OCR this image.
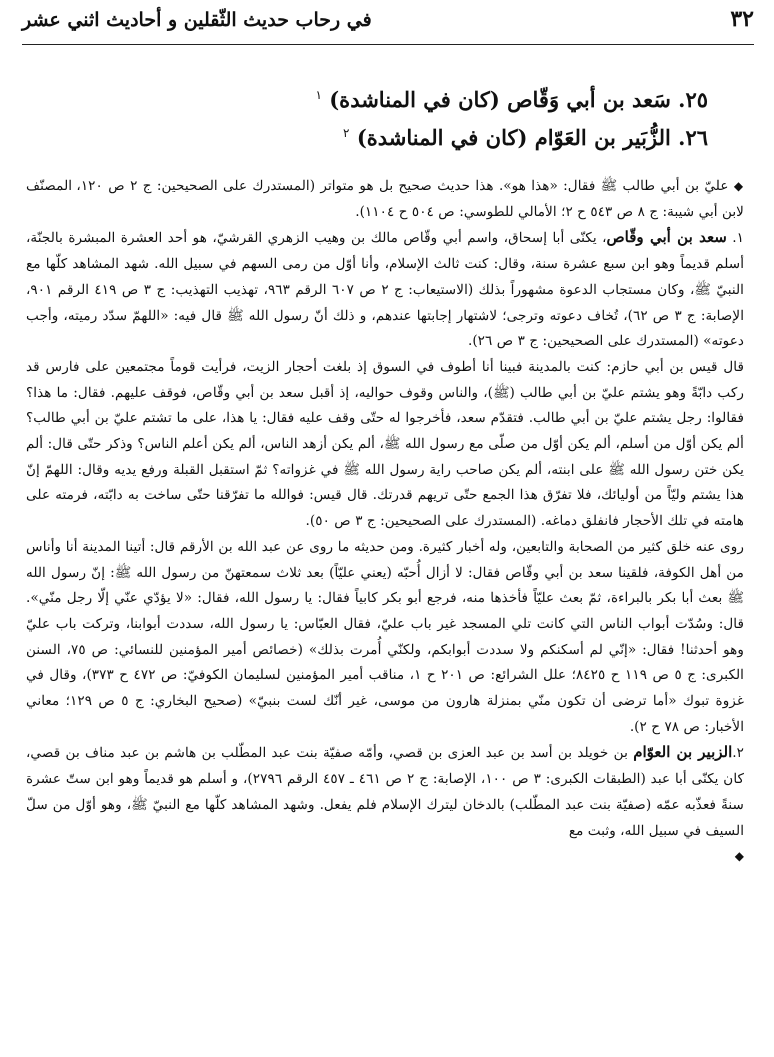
٣٢
في رحاب حديث الثّقلين و أحاديث اثني عشر
٢٥. سَعد بن أبي وَقّاص (كان في المناشدة) $^١$
٢٦. الزُّبَير بن العَوّام (كان في المناشدة) $^٢$

◆ عليّ بن أبي طالب ﷺ فقال: «هذا هو». هذا حديث صحيح بل هو متواتر (المستدرك على الصحيحين: ج ٢ ص ١٢٠، المصنّف لابن أبي شيبة: ج ٨ ص ٥٤٣ ح ٢؛ الأمالي للطوسي: ص ٥٠٤ ح ١١٠٤).

١. سعد بن أبي وقّاص، يكنّى أبا إسحاق، واسم أبي وقّاص مالك بن وهيب الزهري القرشيّ، هو أحد العشرة المبشرة بالجنّة، أسلم قديماً وهو ابن سبع عشرة سنة، وقال: كنت ثالث الإسلام، وأنا أوّل من رمى السهم في سبيل الله. شهد المشاهد كلّها مع النبيّ ﷺ، وكان مستجاب الدعوة مشهوراً بذلك (الاستيعاب: ج ٢ ص ٦٠٧ الرقم ٩٦٣، تهذيب التهذيب: ج ٣ ص ٤١٩ الرقم ٩٠١، الإصابة: ج ٣ ص ٦٢)، تُخاف دعوته وترجى؛ لاشتهار إجابتها عندهم، و ذلك أنّ رسول الله ﷺ قال فيه: «اللهمّ سدّد رميته، وأجب دعوته» (المستدرك على الصحيحين: ج ٣ ص ٢٦).

قال قيس بن أبي حازم: كنت بالمدينة فبينا أنا أطوف في السوق إذ بلغت أحجار الزيت، فرأيت قوماً مجتمعين على فارس قد ركب دابّةً وهو يشتم عليّ بن أبي طالب (ﷺ)، والناس وقوف حواليه، إذ أقبل سعد بن أبي وقّاص، فوقف عليهم. فقال: ما هذا؟ فقالوا: رجل يشتم عليّ بن أبي طالب. فتقدّم سعد، فأخرجوا له حتّى وقف عليه فقال: يا هذا، على ما تشتم عليّ بن أبي طالب؟ ألم يكن أوّل من أسلم، ألم يكن أوّل من صلّى مع رسول الله ﷺ، ألم يكن أزهد الناس، ألم يكن أعلم الناس؟ وذكر حتّى قال: ألم يكن ختن رسول الله ﷺ على ابنته، ألم يكن صاحب راية رسول الله ﷺ في غزواته؟ ثمّ استقبل القبلة ورفع يديه وقال: اللهمّ إنّ هذا يشتم وليّاً من أوليائك، فلا تفرّق هذا الجمع حتّى تريهم قدرتك. قال قيس: فوالله ما تفرّقنا حتّى ساخت به دابّته، فرمته على هامته في تلك الأحجار فانفلق دماغه. (المستدرك على الصحيحين: ج ٣ ص ٥٠).

روى عنه خلق كثير من الصحابة والتابعين، وله أخبار كثيرة. ومن حديثه ما روى عن عبد الله بن الأرقم قال: أتينا المدينة أنا وأناس من أهل الكوفة، فلقينا سعد بن أبي وقّاص فقال: لا أزال أُحبّه (يعني عليّاً) بعد ثلاث سمعتهنّ من رسول الله ﷺ: إنّ رسول الله ﷺ بعث أبا بكر بالبراءة، ثمّ بعث عليّاً فأخذها منه، فرجع أبو بكر كابياً فقال: يا رسول الله، فقال: «لا يؤدّي عنّي إلّا رجل منّي». قال: وسُدّت أبواب الناس التي كانت تلي المسجد غير باب عليّ، فقال العبّاس: يا رسول الله، سددت أبوابنا، وتركت باب عليّ وهو أحدثنا! فقال: «إنّي لم أسكنكم ولا سددت أبوابكم، ولكنّي أُمرت بذلك» (خصائص أمير المؤمنين للنسائي: ص ٧٥، السنن الكبرى: ج ٥ ص ١١٩ ح ٨٤٢٥؛ علل الشرائع: ص ٢٠١ ح ١، مناقب أمير المؤمنين لسليمان الكوفيّ: ص ٤٧٢ ح ٣٧٣)، وقال في غزوة تبوك «أما ترضى أن تكون منّي بمنزلة هارون من موسى، غير أنّك لست بنبيّ» (صحيح البخاري: ج ٥ ص ١٢٩؛ معاني الأخبار: ص ٧٨ ح ٢).

٢.الزبير بن العوّام بن خويلد بن أسد بن عبد العزى بن قصي، وأمّه صفيّة بنت عبد المطّلب بن هاشم بن عبد مناف بن قصي، كان يكنّى أبا عبد (الطبقات الكبرى: ٣ ص ١٠٠، الإصابة: ج ٢ ص ٤٦١ ـ ٤٥٧ الرقم ٢٧٩٦)، و أسلم هو قديماً وهو ابن ستّ عشرة سنةً فعذّبه عمّه (صفيّة بنت عبد المطّلب) بالدخان ليترك الإسلام فلم يفعل. وشهد المشاهد كلّها مع النبيّ ﷺ، وهو أوّل من سلّ السيف في سبيل الله، وثبت مع

◆
